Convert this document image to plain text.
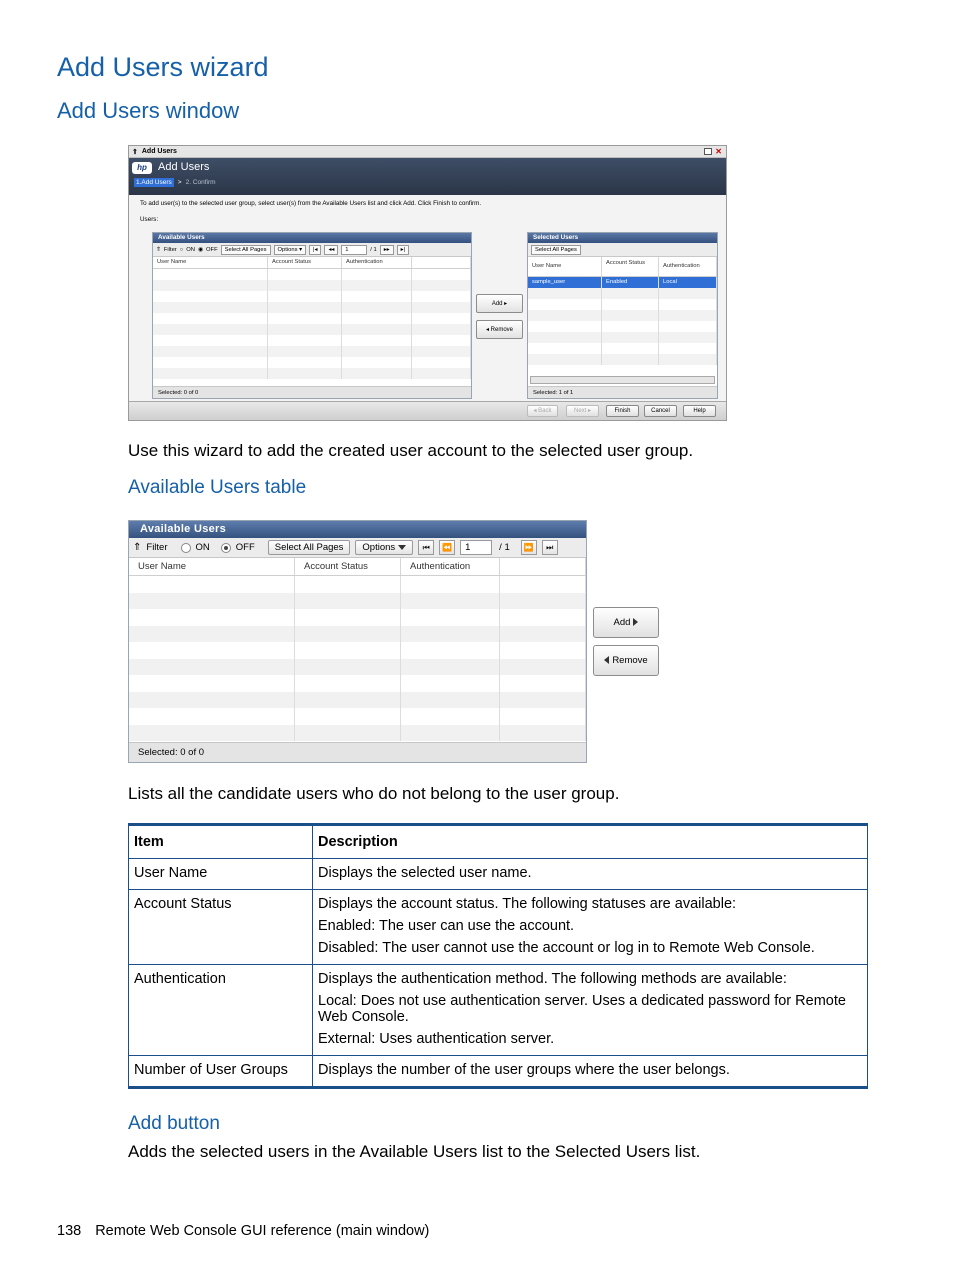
Add Users wizard
Add Users window
⇑ Add Users	✕
hp	Add Users
1.Add Users > 2. Confirm
To add user(s) to the selected user group, select user(s) from the Available Users list and click Add. Click Finish to confirm.
Users:
Available Users
⇑ Filter ○ ON ◉ OFF	Select All Pages	Options ▾	|◂	◂◂	1	/ 1	▸▸	▸|
User Name	Account Status	Authentication
Selected: 0 of 0
Add ▸
◂ Remove
Selected Users
Select All Pages
User Name	Account Status	Authentication
sample_user	Enabled	Local
Selected: 1 of 1
◂ Back	Next ▸	Finish	Cancel	Help
Use this wizard to add the created user account to the selected user group.
Available Users table
Available Users
⇑ Filter	ON	OFF	Select All Pages	Options	⏮	⏪	1	/ 1	⏩	⏭
User Name	Account Status	Authentication
Selected: 0 of 0
Add
Remove
Lists all the candidate users who do not belong to the user group.
Item	Description
User Name	Displays the selected user name.

Account Status	Displays the account status. The following statuses are available:

Enabled: The user can use the account.

Disabled: The user cannot use the account or log in to Remote Web Console.

Authentication	Displays the authentication method. The following methods are available:

Local: Does not use authentication server. Uses a dedicated password for Remote Web Console.

External: Uses authentication server.

Number of User Groups	Displays the number of the user groups where the user belongs.

Add button
Adds the selected users in the Available Users list to the Selected Users list.
138 Remote Web Console GUI reference (main window)
